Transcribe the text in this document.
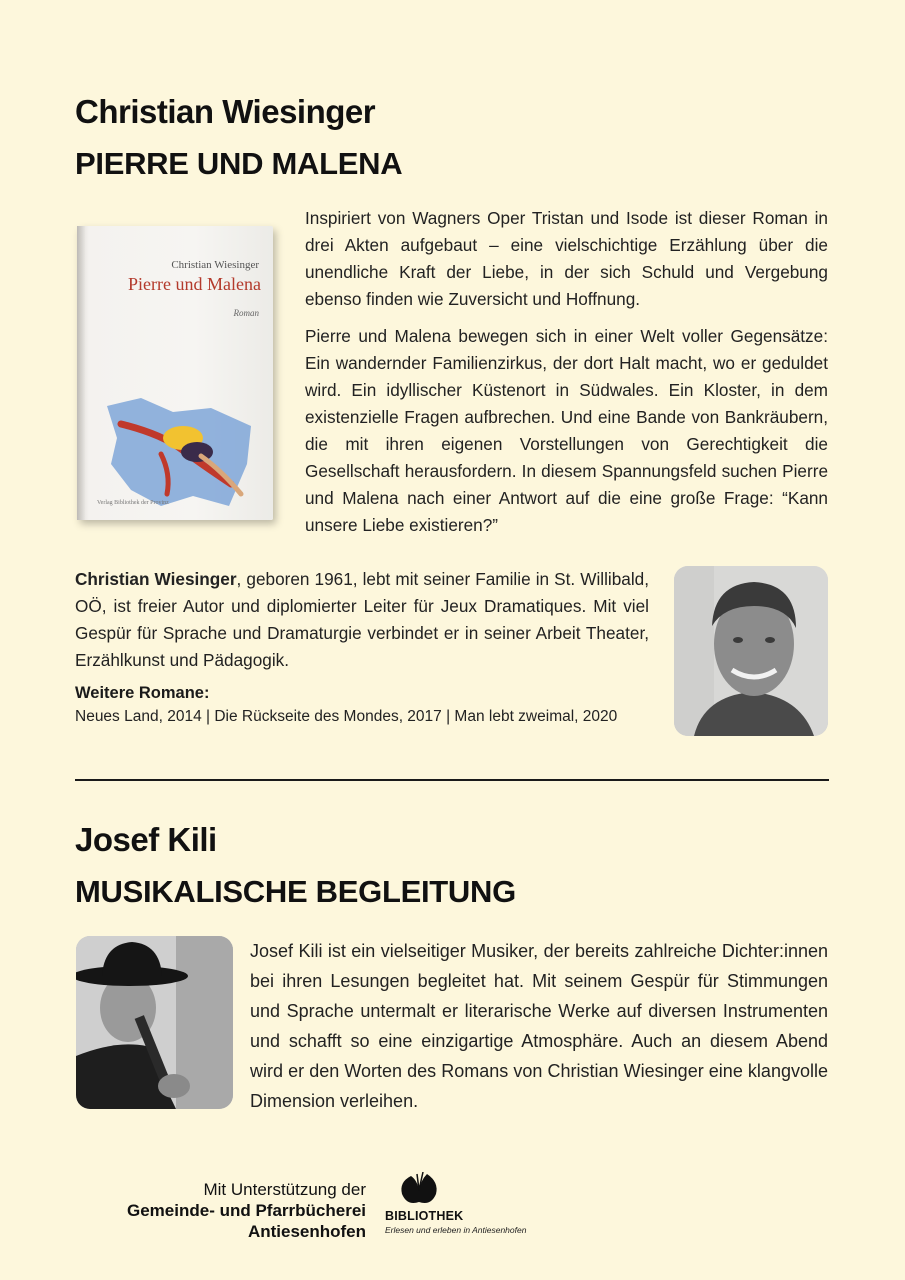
Christian Wiesinger
PIERRE UND MALENA
Christian Wiesinger
Pierre und Malena
Roman
Verlag Bibliothek der Provinz

Inspiriert von Wagners Oper Tristan und Isode ist dieser Roman in drei Akten aufgebaut – eine vielschichtige Erzählung über die unendliche Kraft der Liebe, in der sich Schuld und Vergebung ebenso finden wie Zuversicht und Hoffnung.

Pierre und Malena bewegen sich in einer Welt voller Gegensätze: Ein wandernder Familienzirkus, der dort Halt macht, wo er geduldet wird. Ein idyllischer Küstenort in Südwales. Ein Kloster, in dem existenzielle Fragen aufbrechen. Und eine Bande von Bankräubern, die mit ihren eigenen Vorstellungen von Gerechtigkeit die Gesellschaft herausfordern. In diesem Spannungsfeld suchen Pierre und Malena nach einer Antwort auf die eine große Frage: “Kann unsere Liebe existieren?”

Christian Wiesinger, geboren 1961, lebt mit seiner Familie in St. Willibald, OÖ, ist freier Autor und diplomierter Leiter für Jeux Dramatiques. Mit viel Gespür für Sprache und Dramaturgie verbindet er in seiner Arbeit Theater, Erzählkunst und Pädagogik.

Weitere Romane:
Neues Land, 2014 | Die Rückseite des Mondes, 2017 | Man lebt zweimal, 2020
Josef Kili
MUSIKALISCHE BEGLEITUNG

Josef Kili ist ein vielseitiger Musiker, der bereits zahlreiche Dichter:innen bei ihren Lesungen begleitet hat. Mit seinem Gespür für Stimmungen und Sprache untermalt er literarische Werke auf diversen Instrumenten und schafft so eine einzigartige Atmosphäre. Auch an diesem Abend wird er den Worten des Romans von Christian Wiesinger eine klangvolle Dimension verleihen.

Mit Unterstützung der
Gemeinde- und Pfarrbücherei
Antiesenhofen
BIBLIOTHEK
Erlesen und erleben in Antiesenhofen
